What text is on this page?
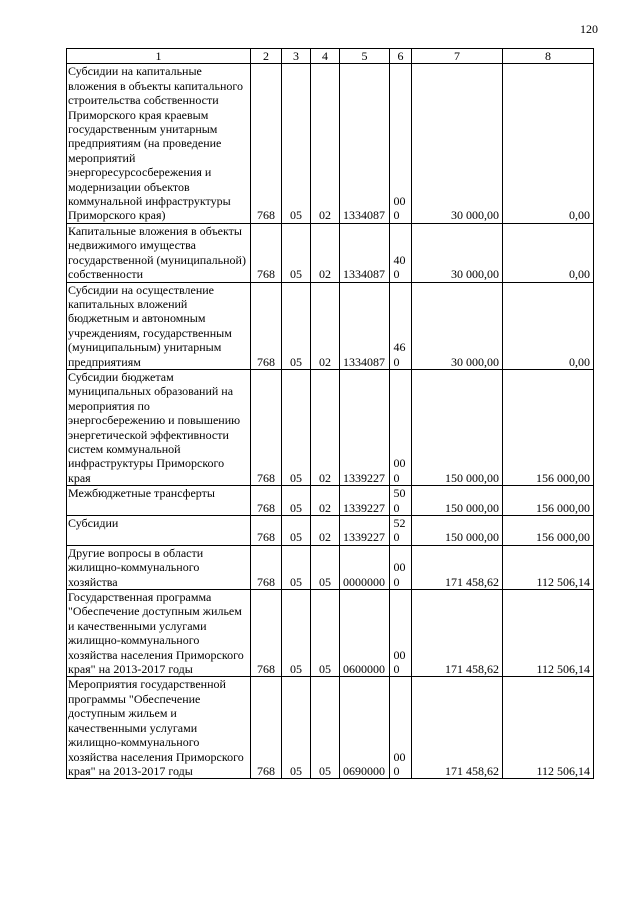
120
1	2	3	4	5	6	7	8
Субсидии на капитальные вложения в объекты капитального строительства собственности Приморского края краевым государственным унитарным предприятиям (на проведение мероприятий энергоресурсосбережения и модернизации объектов коммунальной инфраструктуры Приморского края)	768	05	02	1334087	000	30 000,00	0,00
Капитальные вложения в объекты недвижимого имущества государственной (муниципальной) собственности	768	05	02	1334087	400	30 000,00	0,00
Субсидии на осуществление капитальных вложений бюджетным и автономным учреждениям, государственным (муниципальным) унитарным предприятиям	768	05	02	1334087	460	30 000,00	0,00
Субсидии бюджетам муниципальных образований на мероприятия по энергосбережению и повышению энергетической эффективности систем коммунальной инфраструктуры Приморского края	768	05	02	1339227	000	150 000,00	156 000,00
Межбюджетные трансферты	768	05	02	1339227	500	150 000,00	156 000,00
Субсидии	768	05	02	1339227	520	150 000,00	156 000,00
Другие вопросы в области жилищно-коммунального хозяйства	768	05	05	0000000	000	171 458,62	112 506,14
Государственная программа "Обеспечение доступным жильем и качественными услугами жилищно-коммунального хозяйства населения Приморского края" на 2013-2017 годы	768	05	05	0600000	000	171 458,62	112 506,14
Мероприятия государственной программы "Обеспечение доступным жильем и качественными услугами жилищно-коммунального хозяйства населения Приморского края" на 2013-2017 годы	768	05	05	0690000	000	171 458,62	112 506,14
